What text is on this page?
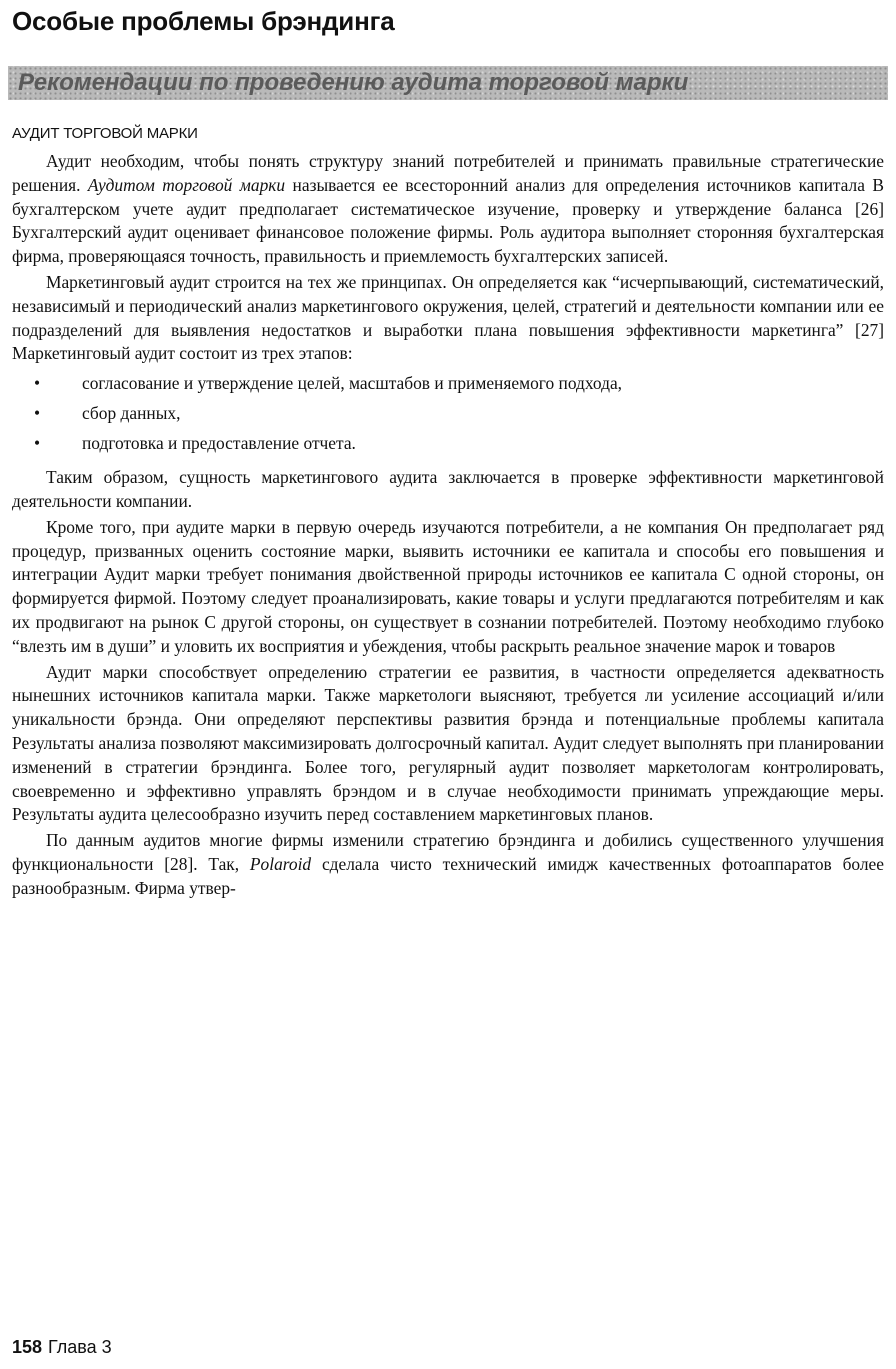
Особые проблемы брэндинга
Рекомендации по проведению аудита торговой марки
АУДИТ ТОРГОВОЙ МАРКИ

Аудит необходим, чтобы понять структуру знаний потребителей и принимать правильные стратегические решения. Аудитом торговой марки называется ее всесторонний анализ для определения источников капитала В бухгалтерском учете аудит предполагает систематическое изучение, проверку и утверждение баланса [26] Бухгалтерский аудит оценивает финансовое положение фирмы. Роль аудитора выполняет сторонняя бухгалтерская фирма, проверяющаяся точность, правильность и приемлемость бухгалтерских записей.

Маркетинговый аудит строится на тех же принципах. Он определяется как “исчерпывающий, систематический, независимый и периодический анализ маркетингового окружения, целей, стратегий и деятельности компании или ее подразделений для выявления недостатков и выработки плана повышения эффективности маркетинга” [27] Маркетинговый аудит состоит из трех этапов:

• согласование и утверждение целей, масштабов и применяемого подхода,
• сбор данных,
• подготовка и предоставление отчета.

Таким образом, сущность маркетингового аудита заключается в проверке эффективности маркетинговой деятельности компании.

Кроме того, при аудите марки в первую очередь изучаются потребители, а не компания Он предполагает ряд процедур, призванных оценить состояние марки, выявить источники ее капитала и способы его повышения и интеграции Аудит марки требует понимания двойственной природы источников ее капитала С одной стороны, он формируется фирмой. Поэтому следует проанализировать, какие товары и услуги предлагаются потребителям и как их продвигают на рынок С другой стороны, он существует в сознании потребителей. Поэтому необходимо глубоко “влезть им в души” и уловить их восприятия и убеждения, чтобы раскрыть реальное значение марок и товаров

Аудит марки способствует определению стратегии ее развития, в частности определяется адекватность нынешних источников капитала марки. Также маркетологи выясняют, требуется ли усиление ассоциаций и/или уникальности брэнда. Они определяют перспективы развития брэнда и потенциальные проблемы капитала Результаты анализа позволяют максимизировать долгосрочный капитал. Аудит следует выполнять при планировании изменений в стратегии брэндинга. Более того, регулярный аудит позволяет маркетологам контролировать, своевременно и эффективно управлять брэндом и в случае необходимости принимать упреждающие меры. Результаты аудита целесообразно изучить перед составлением маркетинговых планов.

По данным аудитов многие фирмы изменили стратегию брэндинга и добились существенного улучшения функциональности [28]. Так, Polaroid сделала чисто технический имидж качественных фотоаппаратов более разнообразным. Фирма утвер-

158 Глава 3
